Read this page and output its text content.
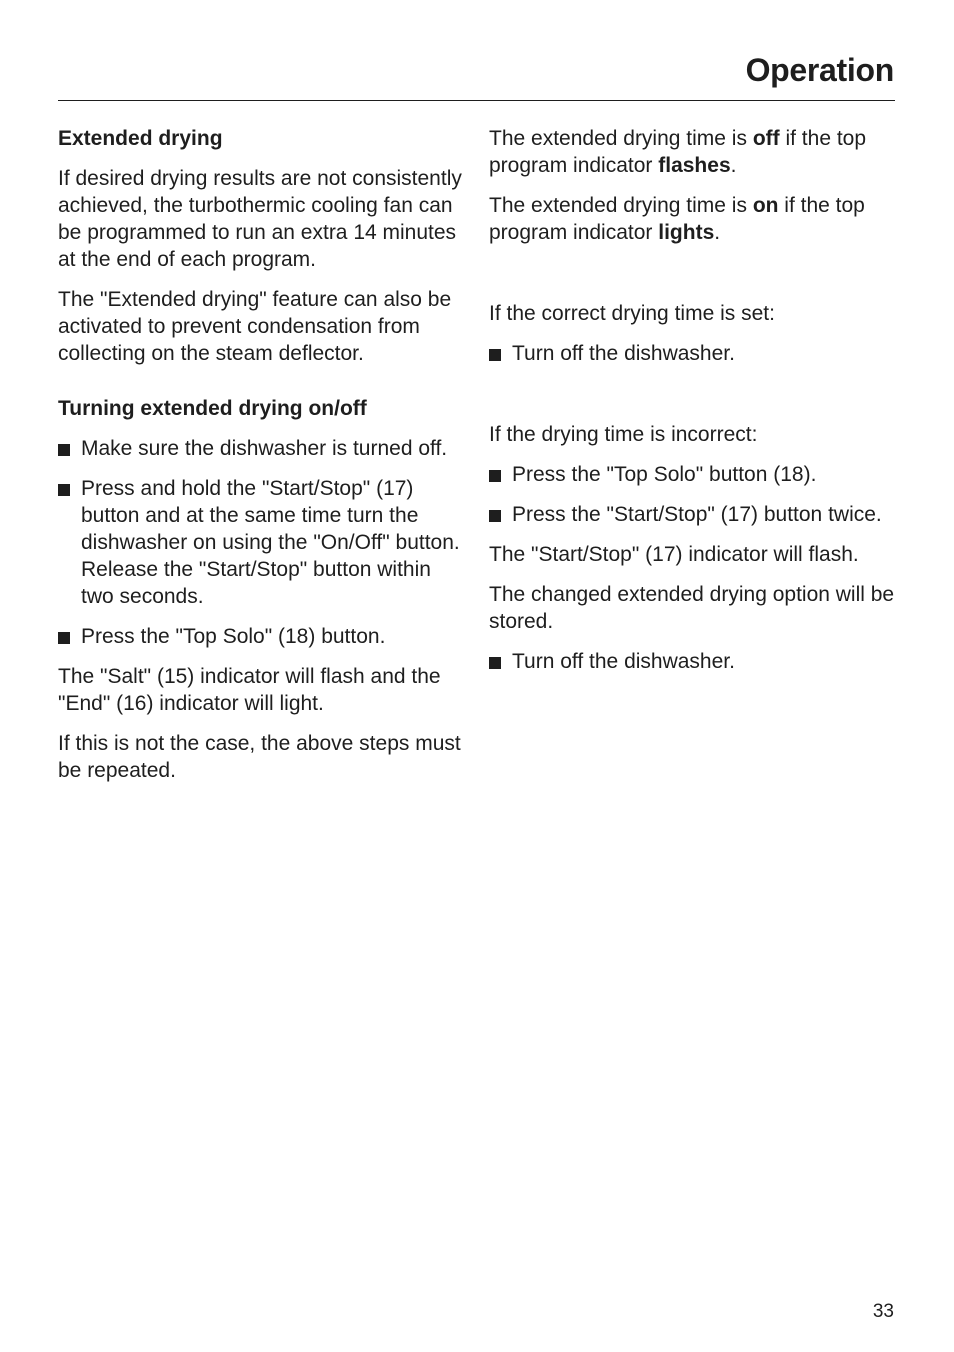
Operation
Extended drying

If desired drying results are not consistently achieved, the turbothermic cooling fan can be programmed to run an extra 14 minutes at the end of each program.

The "Extended drying" feature can also be activated to prevent condensation from collecting on the steam deflector.

Turning extended drying on/off
Make sure the dishwasher is turned off.
Press and hold the "Start/Stop" (17) button and at the same time turn the dishwasher on using the "On/Off" button.
Release the "Start/Stop" button within two seconds.
Press the "Top Solo" (18) button.

The "Salt" (15) indicator will flash and the "End" (16) indicator will light.

If this is not the case, the above steps must be repeated.

The extended drying time is off if the top program indicator flashes.

The extended drying time is on if the top program indicator lights.

If the correct drying time is set:

Turn off the dishwasher.

If the drying time is incorrect:

Press the "Top Solo" button (18).
Press the "Start/Stop" (17) button twice.

The "Start/Stop" (17) indicator will flash.

The changed extended drying option will be stored.

Turn off the dishwasher.

33
